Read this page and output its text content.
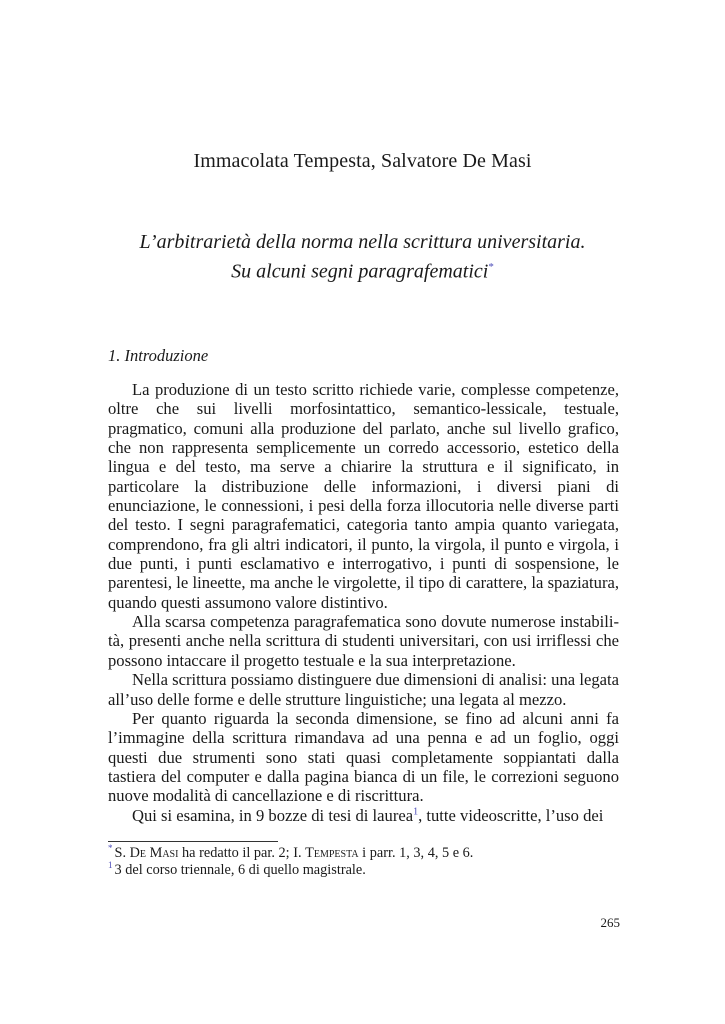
Immacolata Tempesta, Salvatore De Masi
L’arbitrarietà della norma nella scrittura universitaria.
Su alcuni segni paragrafematici*
1. Introduzione

La produzione di un testo scritto richiede varie, complesse competenze, oltre che sui livelli morfosintattico, semantico-lessicale, testuale, pragmatico, comuni alla produzione del parlato, anche sul livello grafico, che non rappresenta semplicemente un corredo accessorio, estetico della lingua e del testo, ma serve a chiarire la struttura e il significato, in particolare la distribuzione delle informazioni, i diversi piani di enunciazione, le connessioni, i pesi della forza illocutoria nelle diverse parti del testo. I segni paragrafematici, categoria tanto ampia quanto variegata, comprendono, fra gli altri indicatori, il punto, la virgola, il punto e virgola, i due punti, i punti esclamativo e interrogativo, i punti di sospensione, le parentesi, le lineette, ma anche le virgolette, il tipo di carattere, la spaziatura, quando questi assumono valore distintivo.

Alla scarsa competenza paragrafematica sono dovute numerose instabilità, presenti anche nella scrittura di studenti universitari, con usi irriflessi che possono intaccare il progetto testuale e la sua interpretazione.

Nella scrittura possiamo distinguere due dimensioni di analisi: una legata all’uso delle forme e delle strutture linguistiche; una legata al mezzo.

Per quanto riguarda la seconda dimensione, se fino ad alcuni anni fa l’immagine della scrittura rimandava ad una penna e ad un foglio, oggi questi due strumenti sono stati quasi completamente soppiantati dalla tastiera del computer e dalla pagina bianca di un file, le correzioni seguono nuove modalità di cancellazione e di riscrittura.

Qui si esamina, in 9 bozze di tesi di laurea$^1$, tutte videoscritte, l’uso dei

* S. De Masi ha redatto il par. 2; I. Tempesta i parr. 1, 3, 4, 5 e 6.
$^1$ 3 del corso triennale, 6 di quello magistrale.
265
